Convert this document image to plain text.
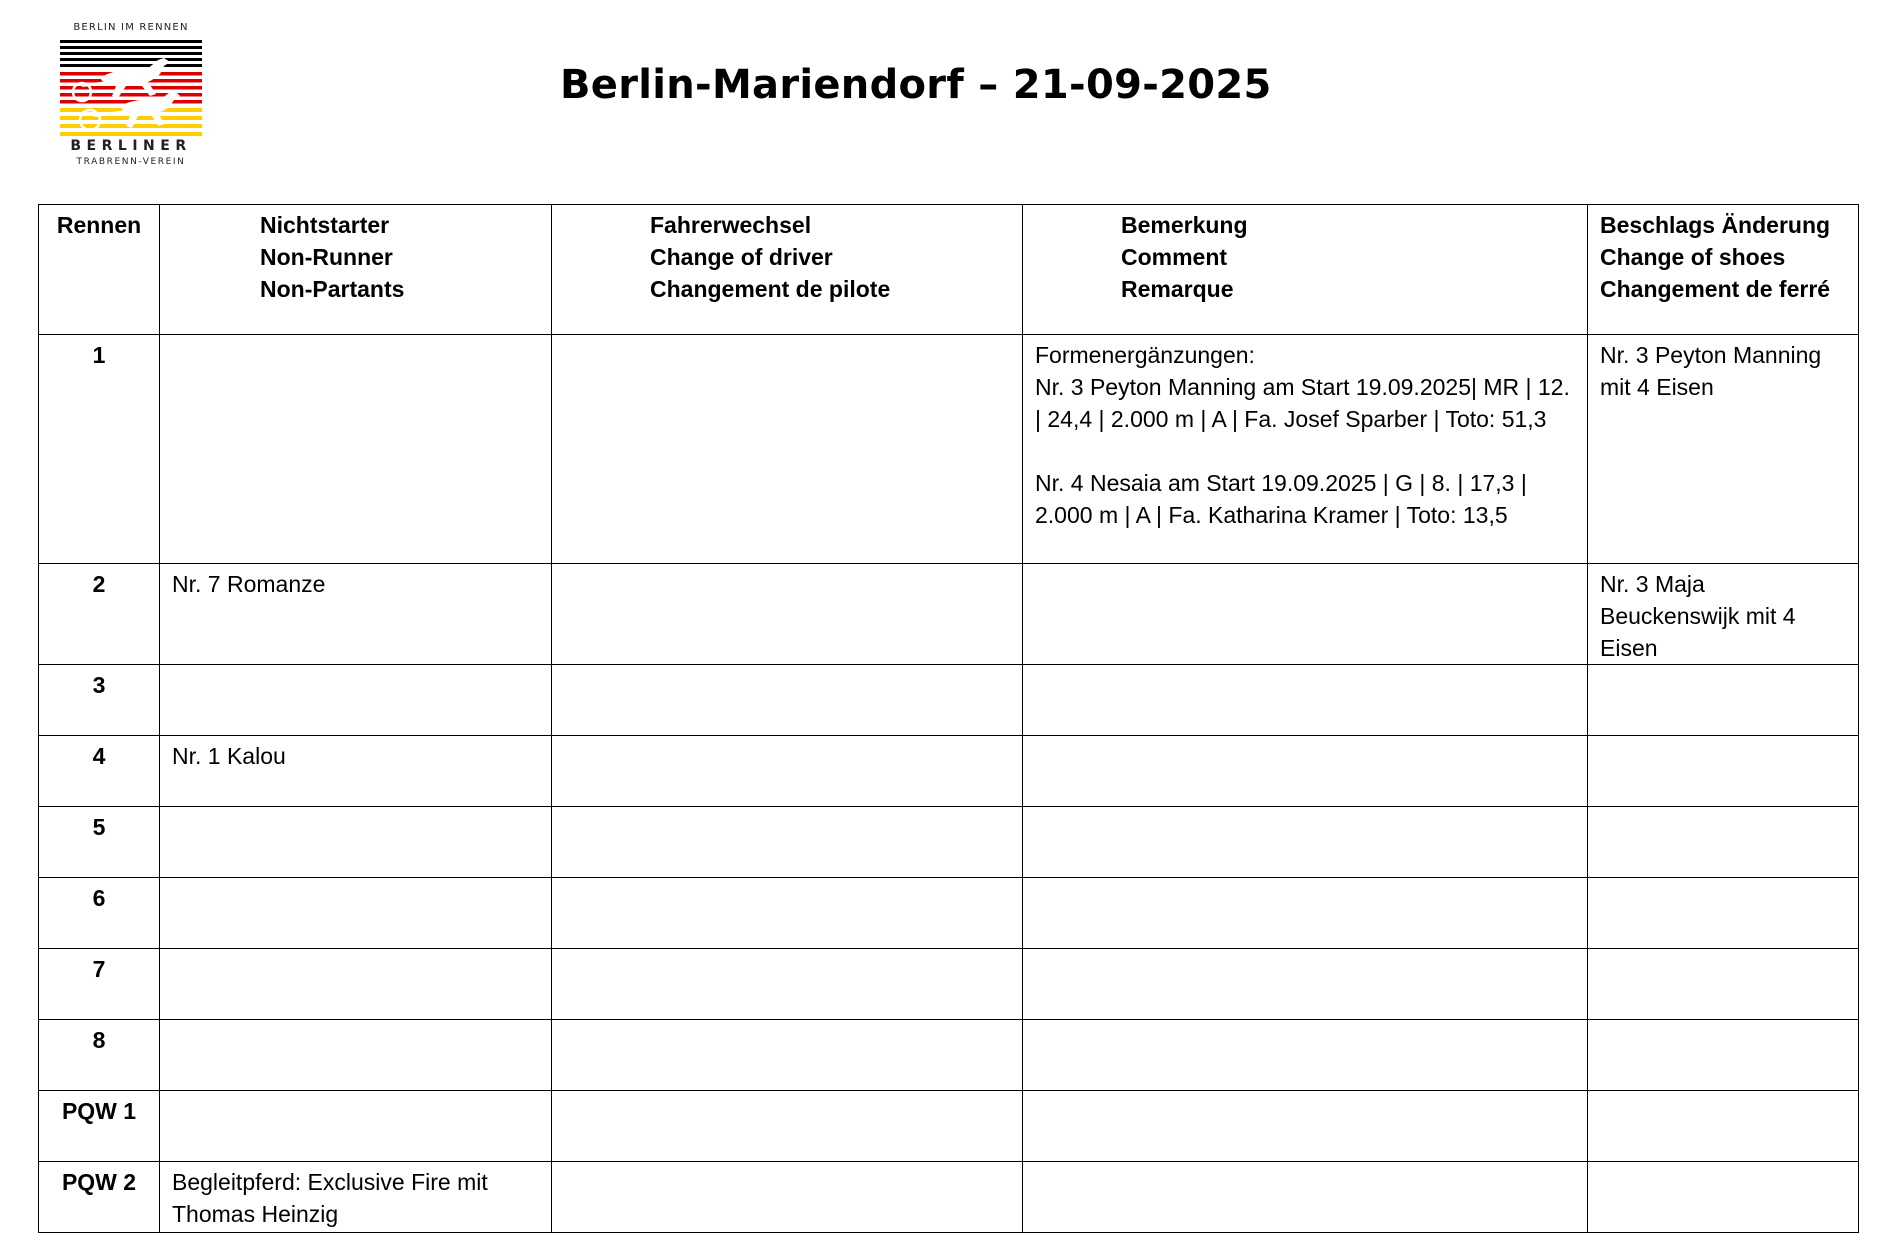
BERLIN IM RENNEN
BERLINER
TRABRENN-VEREIN
Berlin-Mariendorf – 21-09-2025
Rennen	Nichtstarter
Non-Runner
Non-Partants	Fahrerwechsel
Change of driver
Changement de pilote	Bemerkung
Comment
Remarque	Beschlags Änderung
Change of shoes
Changement de ferré

1			Formenergänzungen:
Nr. 3 Peyton Manning am Start 19.09.2025| MR | 12. | 24,4 | 2.000 m | A | Fa. Josef Sparber | Toto: 51,3

Nr. 4 Nesaia am Start 19.09.2025 | G | 8. | 17,3 | 2.000 m | A | Fa. Katharina Kramer | Toto: 13,5	Nr. 3 Peyton Manning mit 4 Eisen
2	Nr. 7 Romanze			Nr. 3 Maja Beuckenswijk mit 4 Eisen
3				
4	Nr. 1 Kalou			
5				
6				
7				
8				
PQW 1				
PQW 2	Begleitpferd: Exclusive Fire mit Thomas Heinzig			
